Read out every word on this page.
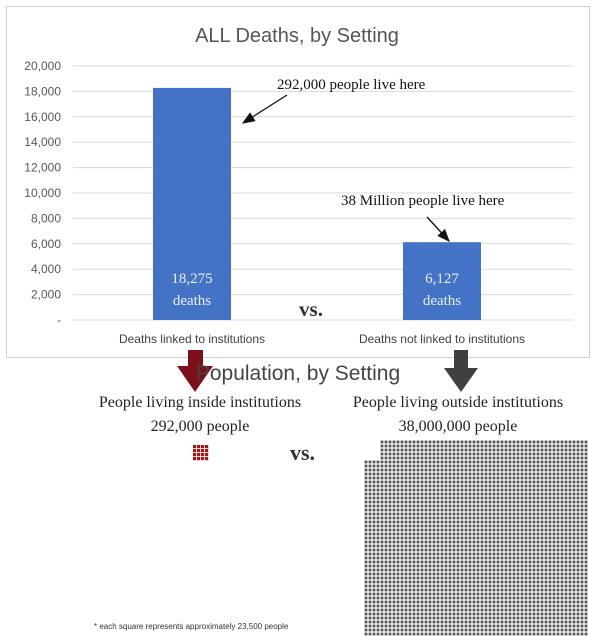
ALL Deaths, by Setting
-
2,000
4,000
6,000
8,000
10,000
12,000
14,000
16,000
18,000
20,000
18,275
deaths
6,127
deaths
Deaths linked to institutions	Deaths not linked to institutions
292,000 people live here
38 Million people live here
vs.
Population, by Setting
People living inside institutions
292,000 people
People living outside institutions
38,000,000 people
vs.
* each square represents approximately 23,500 people
